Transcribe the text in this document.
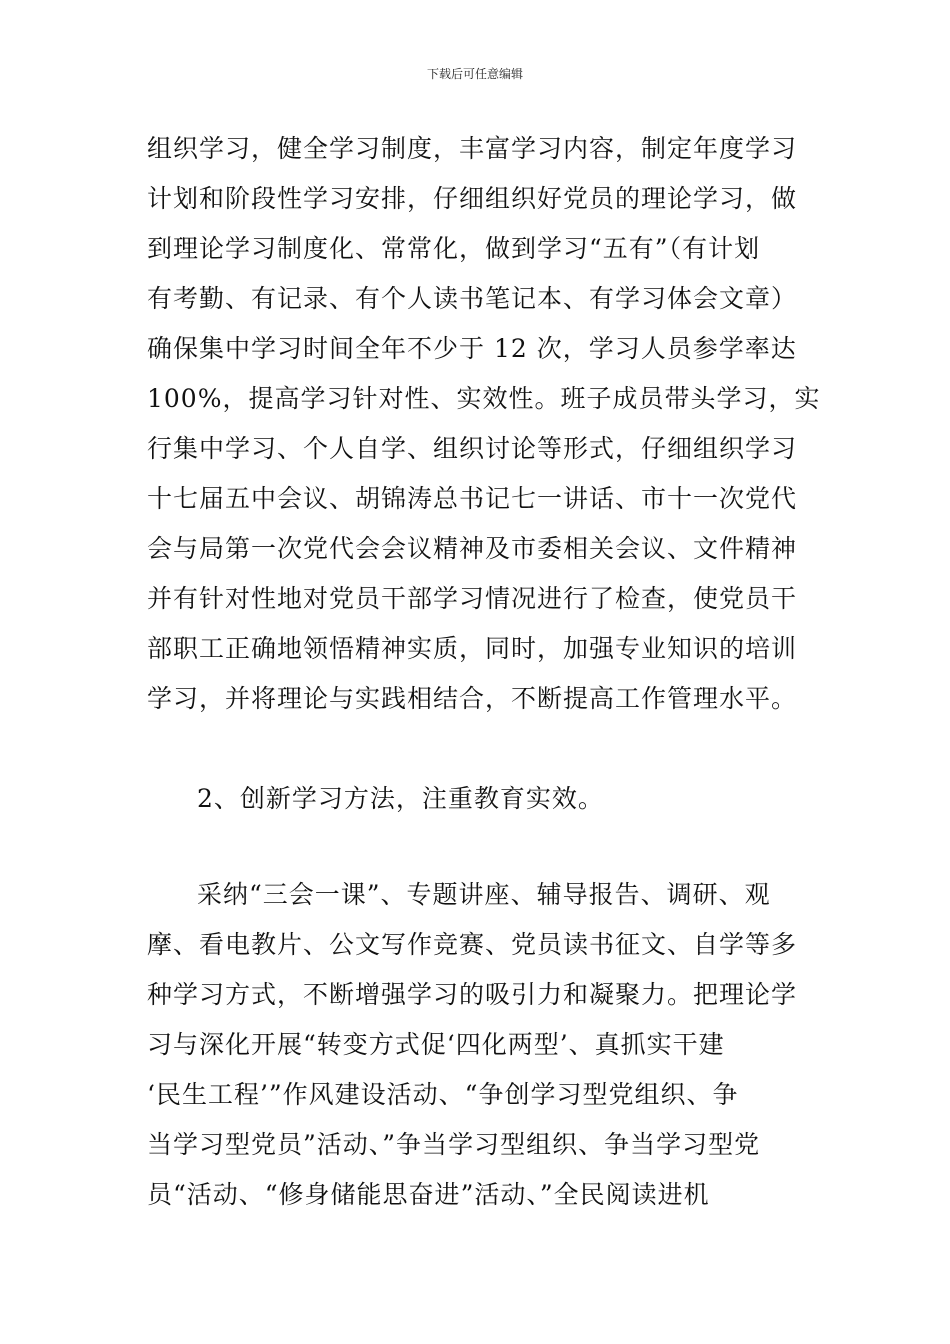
下载后可任意编辑
组织学习，健全学习制度，丰富学习内容，制定年度学习
计划和阶段性学习安排，仔细组织好党员的理论学习，做
到理论学习制度化、常常化，做到学习“五有”（有计划
有考勤、有记录、有个人读书笔记本、有学习体会文章）
确保集中学习时间全年不少于 12 次，学习人员参学率达
100%，提高学习针对性、实效性。班子成员带头学习，实
行集中学习、个人自学、组织讨论等形式，仔细组织学习
十七届五中会议、胡锦涛总书记七一讲话、市十一次党代
会与局第一次党代会会议精神及市委相关会议、文件精神
并有针对性地对党员干部学习情况进行了检查，使党员干
部职工正确地领悟精神实质，同时，加强专业知识的培训
学习，并将理论与实践相结合，不断提高工作管理水平。
2、创新学习方法，注重教育实效。
采纳“三会一课”、专题讲座、辅导报告、调研、观
摩、看电教片、公文写作竞赛、党员读书征文、自学等多
种学习方式，不断增强学习的吸引力和凝聚力。把理论学
习与深化开展“转变方式促‘四化两型’、真抓实干建
‘民生工程’”作风建设活动、“争创学习型党组织、争
当学习型党员”活动、”争当学习型组织、争当学习型党
员“活动、“修身储能思奋进”活动、”全民阅读进机
